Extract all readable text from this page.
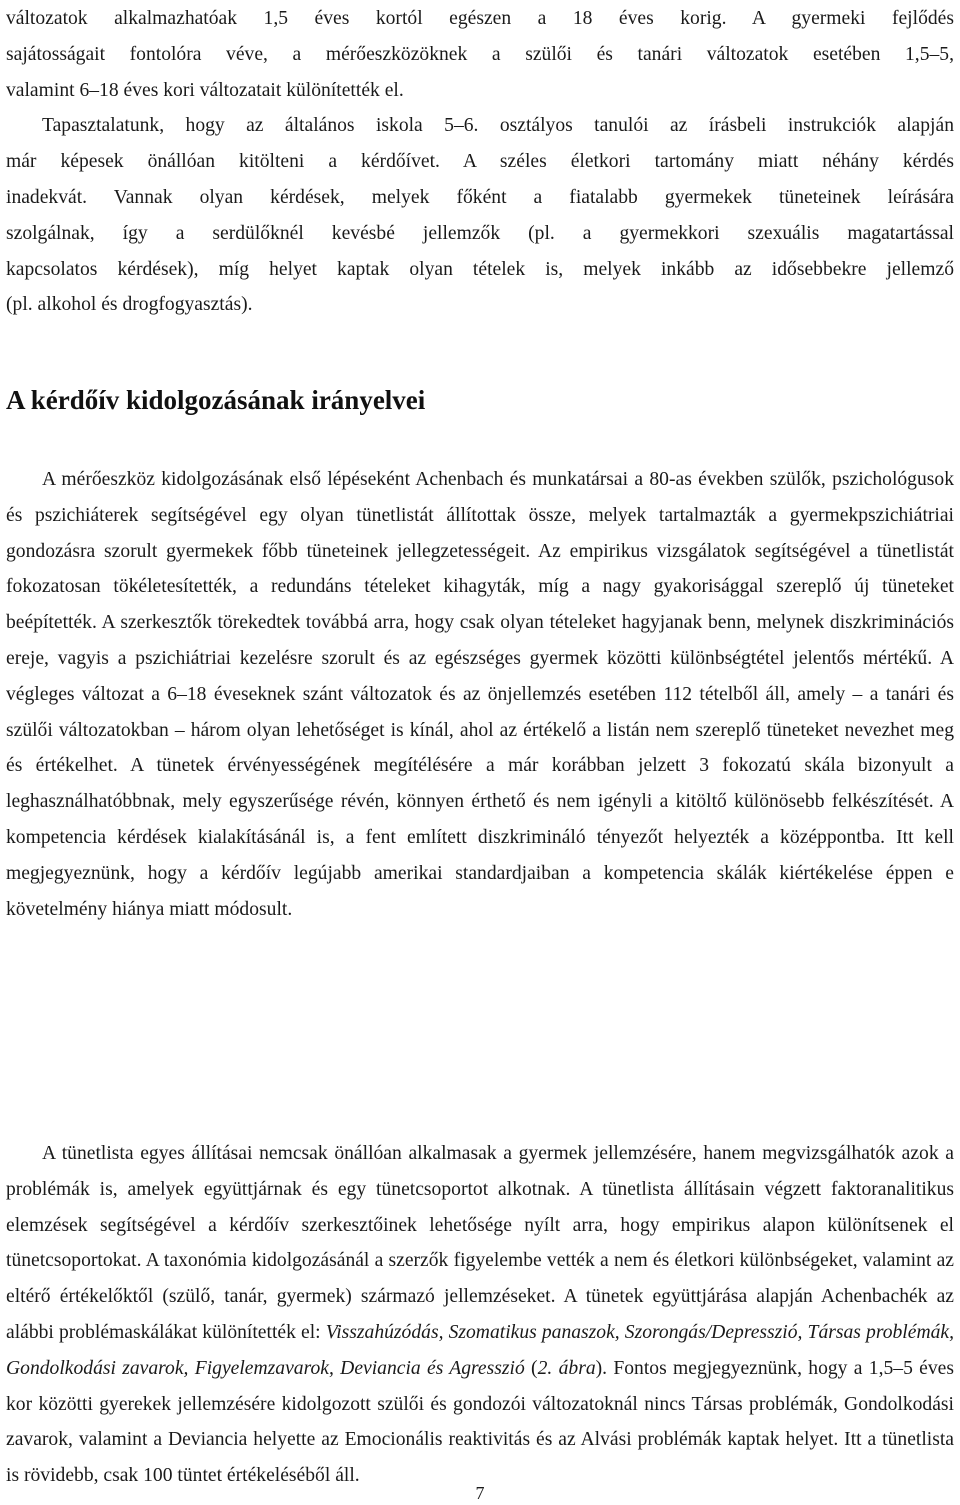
változatok alkalmazhatóak 1,5 éves kortól egészen a 18 éves korig. A gyermeki fejlődés
sajátosságait fontolóra véve, a mérőeszközöknek a szülői és tanári változatok esetében 1,5–5,
valamint 6–18 éves kori változatait különítették el.
Tapasztalatunk, hogy az általános iskola 5–6. osztályos tanulói az írásbeli instrukciók alapján
már képesek önállóan kitölteni a kérdőívet. A széles életkori tartomány miatt néhány kérdés
inadekvát. Vannak olyan kérdések, melyek főként a fiatalabb gyermekek tüneteinek leírására
szolgálnak, így a serdülőknél kevésbé jellemzők (pl. a gyermekkori szexuális magatartással
kapcsolatos kérdések), míg helyet kaptak olyan tételek is, melyek inkább az idősebbekre jellemző
(pl. alkohol és drogfogyasztás).
A kérdőív kidolgozásának irányelvei

A mérőeszköz kidolgozásának első lépéseként Achenbach és munkatársai a 80-as években szülők, pszichológusok és pszichiáterek segítségével egy olyan tünetlistát állítottak össze, melyek tartalmazták a gyermekpszichiátriai gondozásra szorult gyermekek főbb tüneteinek jellegzetességeit. Az empirikus vizsgálatok segítségével a tünetlistát fokozatosan tökéletesítették, a redundáns tételeket kihagyták, míg a nagy gyakorisággal szereplő új tüneteket beépítették. A szerkesztők törekedtek továbbá arra, hogy csak olyan tételeket hagyjanak benn, melynek diszkriminációs ereje, vagyis a pszichiátriai kezelésre szorult és az egészséges gyermek közötti különbségtétel jelentős mértékű. A végleges változat a 6–18 éveseknek szánt változatok és az önjellemzés esetében 112 tételből áll, amely – a tanári és szülői változatokban – három olyan lehetőséget is kínál, ahol az értékelő a listán nem szereplő tüneteket nevezhet meg és értékelhet. A tünetek érvényességének megítélésére a már korábban jelzett 3 fokozatú skála bizonyult a leghasználhatóbbnak, mely egyszerűsége révén, könnyen érthető és nem igényli a kitöltő különösebb felkészítését. A kompetencia kérdések kialakításánál is, a fent említett diszkrimináló tényezőt helyezték a középpontba. Itt kell megjegyeznünk, hogy a kérdőív legújabb amerikai standardjaiban a kompetencia skálák kiértékelése éppen e követelmény hiánya miatt módosult.

A tünetlista egyes állításai nemcsak önállóan alkalmasak a gyermek jellemzésére, hanem megvizsgálhatók azok a problémák is, amelyek együttjárnak és egy tünetcsoportot alkotnak. A tünetlista állításain végzett faktoranalitikus elemzések segítségével a kérdőív szerkesztőinek lehetősége nyílt arra, hogy empirikus alapon különítsenek el tünetcsoportokat. A taxonómia kidolgozásánál a szerzők figyelembe vették a nem és életkori különbségeket, valamint az eltérő értékelőktől (szülő, tanár, gyermek) származó jellemzéseket. A tünetek együttjárása alapján Achenbachék az alábbi problémaskálákat különítették el: Visszahúzódás, Szomatikus panaszok, Szorongás/Depresszió, Társas problémák, Gondolkodási zavarok, Figyelemzavarok, Deviancia és Agresszió (2. ábra). Fontos megjegyeznünk, hogy a 1,5–5 éves kor közötti gyerekek jellemzésére kidolgozott szülői és gondozói változatoknál nincs Társas problémák, Gondolkodási zavarok, valamint a Deviancia helyette az Emocionális reaktivitás és az Alvási problémák kaptak helyet. Itt a tünetlista is rövidebb, csak 100 tüntet értékeléséből áll.

7
